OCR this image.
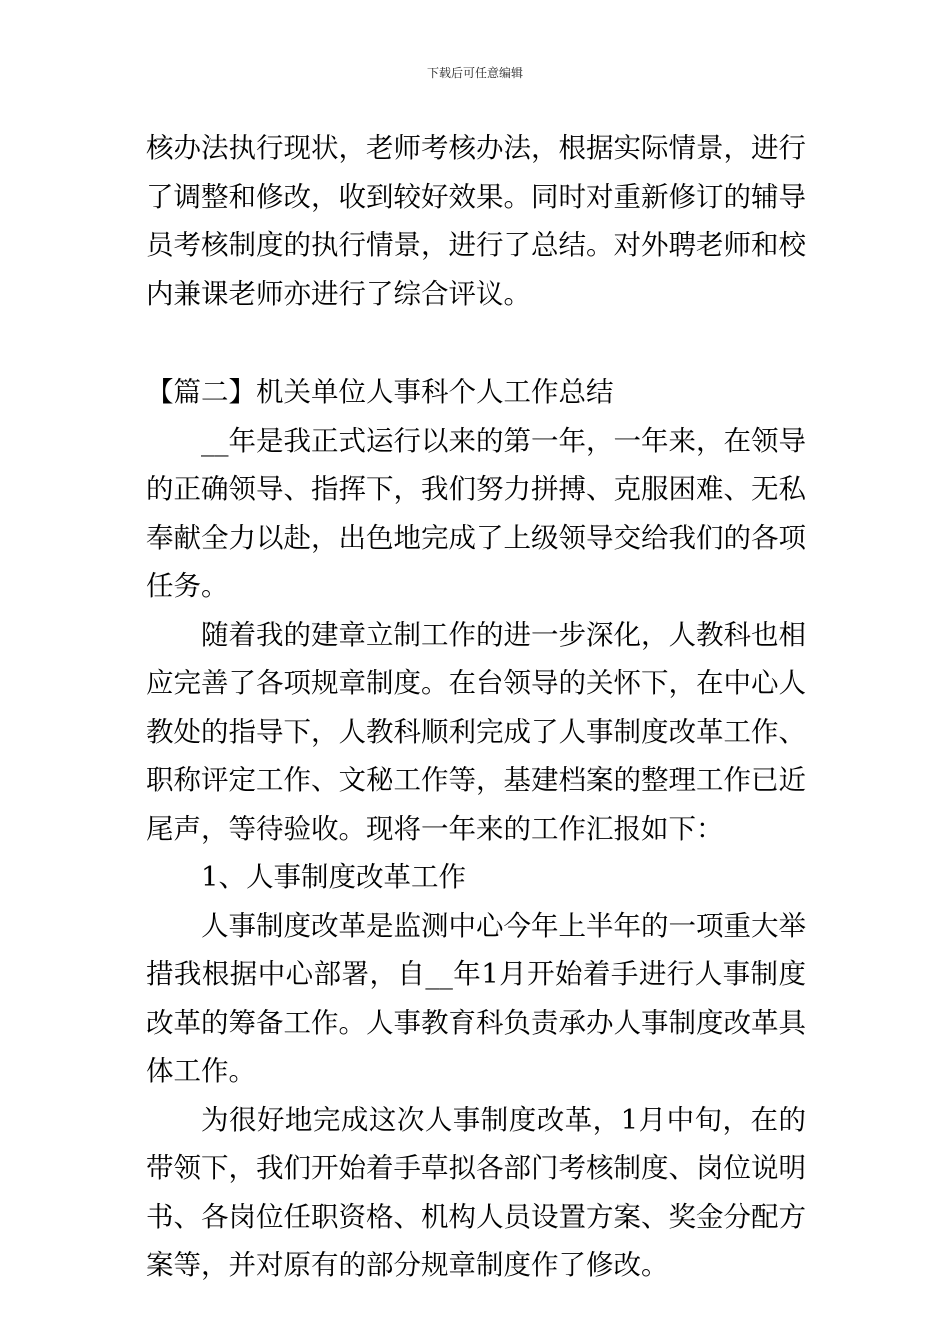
下载后可任意编辑

核办法执行现状，老师考核办法，根据实际情景，进行了调整和修改，收到较好效果。同时对重新修订的辅导员考核制度的执行情景，进行了总结。对外聘老师和校内兼课老师亦进行了综合评议。

【篇二】机关单位人事科个人工作总结

__年是我正式运行以来的第一年，一年来，在领导的正确领导、指挥下，我们努力拼搏、克服困难、无私奉献全力以赴，出色地完成了上级领导交给我们的各项任务。

随着我的建章立制工作的进一步深化，人教科也相应完善了各项规章制度。在台领导的关怀下，在中心人教处的指导下，人教科顺利完成了人事制度改革工作、职称评定工作、文秘工作等，基建档案的整理工作已近尾声，等待验收。现将一年来的工作汇报如下：

1、人事制度改革工作

人事制度改革是监测中心今年上半年的一项重大举措我根据中心部署，自__年1月开始着手进行人事制度改革的筹备工作。人事教育科负责承办人事制度改革具体工作。

为很好地完成这次人事制度改革，1月中旬，在的带领下，我们开始着手草拟各部门考核制度、岗位说明书、各岗位任职资格、机构人员设置方案、奖金分配方案等，并对原有的部分规章制度作了修改。
